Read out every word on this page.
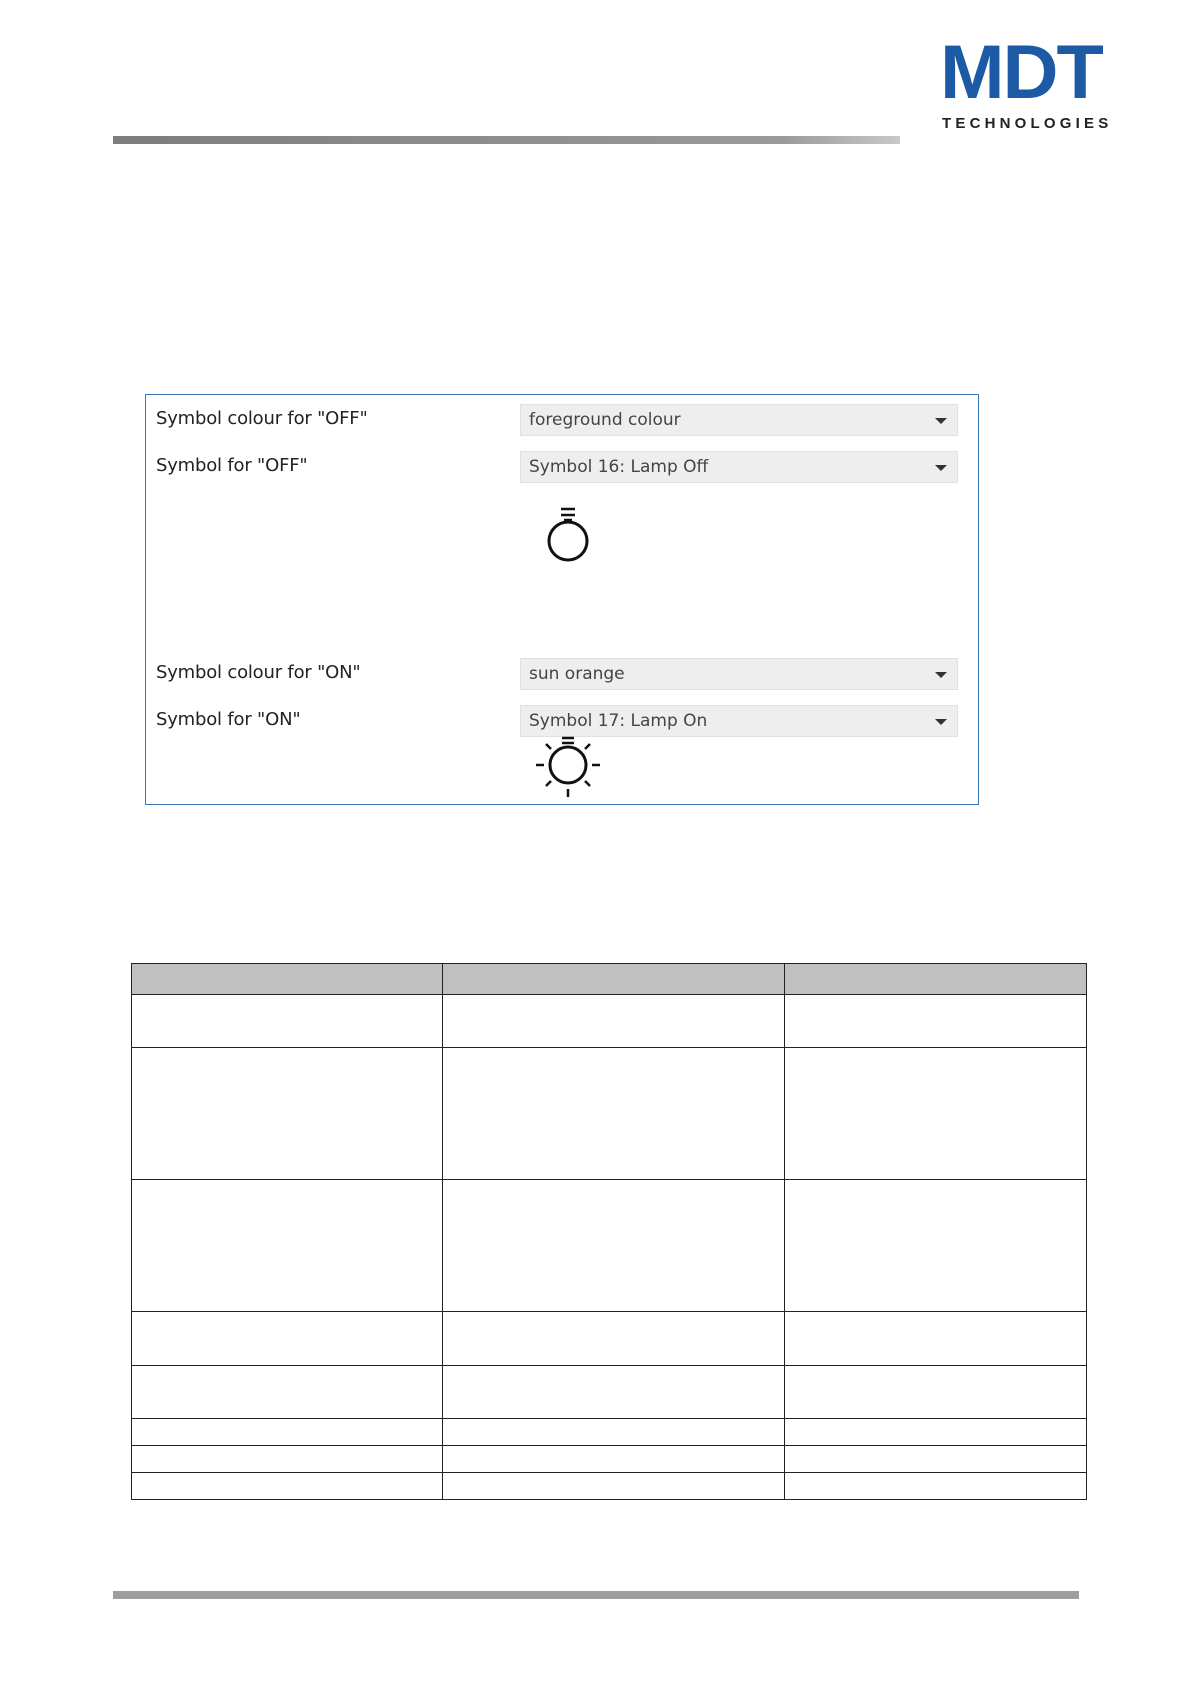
MDT
TECHNOLOGIES
Symbol colour for "OFF"	foreground colour
Symbol for "OFF"	Symbol 16: Lamp Off
Symbol colour for "ON"	sun orange
Symbol for "ON"	Symbol 17: Lamp On
